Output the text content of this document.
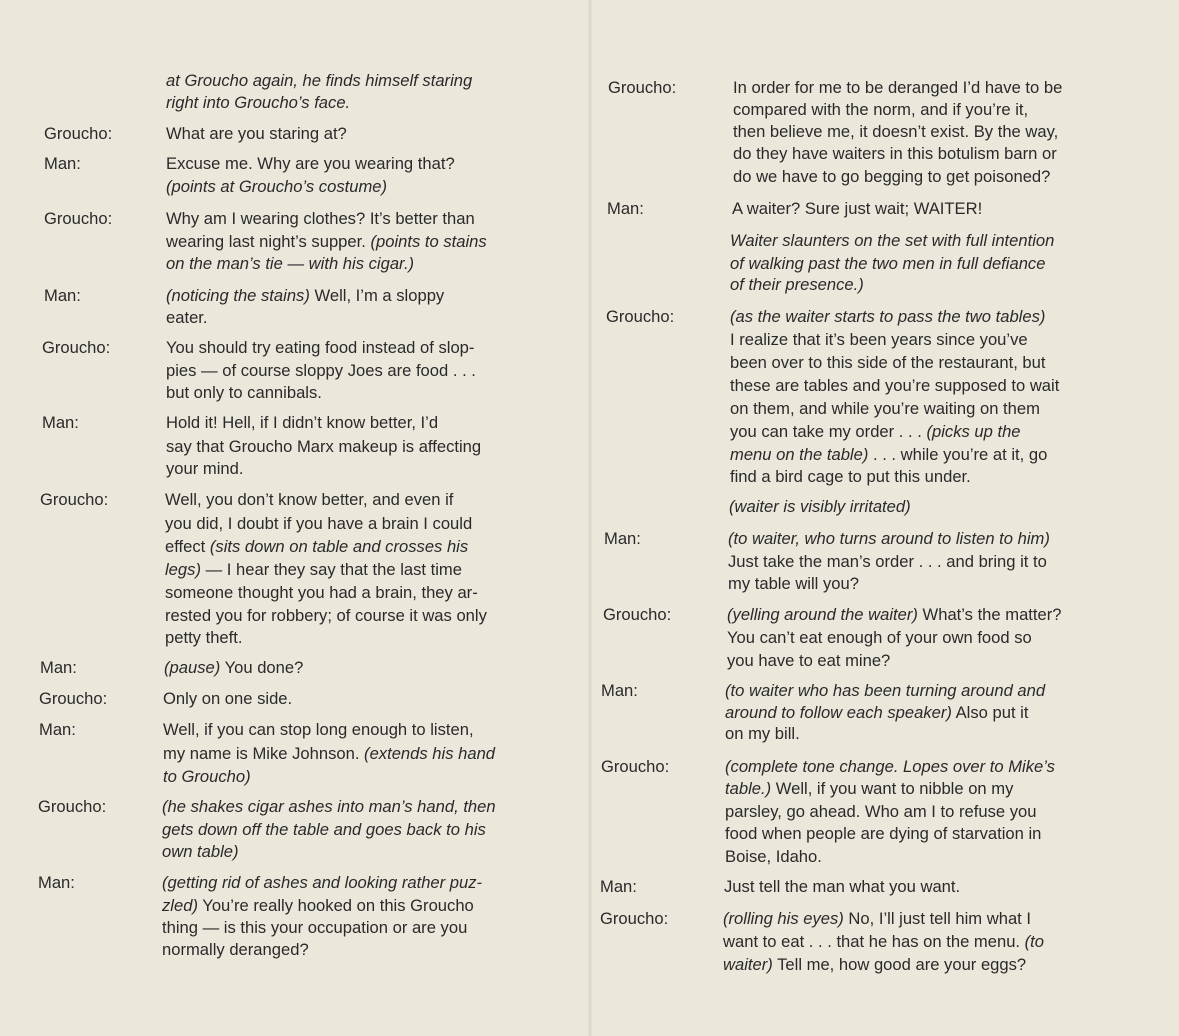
at Groucho again, he finds himself staring
right into Groucho’s face.
Groucho:	What are you staring at?
Man:	Excuse me. Why are you wearing that?
(points at Groucho’s costume)
Groucho:	Why am I wearing clothes? It’s better than
wearing last night’s supper. (points to stains
on the man’s tie — with his cigar.)
Man:	(noticing the stains) Well, I’m a sloppy
eater.
Groucho:	You should try eating food instead of slop-
pies — of course sloppy Joes are food . . .
but only to cannibals.
Man:	Hold it! Hell, if I didn’t know better, I’d
say that Groucho Marx makeup is affecting
your mind.
Groucho:	Well, you don’t know better, and even if
you did, I doubt if you have a brain I could
effect (sits down on table and crosses his
legs) — I hear they say that the last time
someone thought you had a brain, they ar-
rested you for robbery; of course it was only
petty theft.
Man:	(pause) You done?
Groucho:	Only on one side.
Man:	Well, if you can stop long enough to listen,
my name is Mike Johnson. (extends his hand
to Groucho)
Groucho:	(he shakes cigar ashes into man’s hand, then
gets down off the table and goes back to his
own table)
Man:	(getting rid of ashes and looking rather puz-
zled) You’re really hooked on this Groucho
thing — is this your occupation or are you
normally deranged?
Groucho:	In order for me to be deranged I’d have to be
compared with the norm, and if you’re it,
then believe me, it doesn’t exist. By the way,
do they have waiters in this botulism barn or
do we have to go begging to get poisoned?
Man:	A waiter? Sure just wait; WAITER!
Waiter slaunters on the set with full intention
of walking past the two men in full defiance
of their presence.)
Groucho:	(as the waiter starts to pass the two tables)
I realize that it’s been years since you’ve
been over to this side of the restaurant, but
these are tables and you’re supposed to wait
on them, and while you’re waiting on them
you can take my order . . . (picks up the
menu on the table) . . . while you’re at it, go
find a bird cage to put this under.
(waiter is visibly irritated)
Man:	(to waiter, who turns around to listen to him)
Just take the man’s order . . . and bring it to
my table will you?
Groucho:	(yelling around the waiter) What’s the matter?
You can’t eat enough of your own food so
you have to eat mine?
Man:	(to waiter who has been turning around and
around to follow each speaker) Also put it
on my bill.
Groucho:	(complete tone change. Lopes over to Mike’s
table.) Well, if you want to nibble on my
parsley, go ahead. Who am I to refuse you
food when people are dying of starvation in
Boise, Idaho.
Man:	Just tell the man what you want.
Groucho:	(rolling his eyes) No, I’ll just tell him what I
want to eat . . . that he has on the menu. (to
waiter) Tell me, how good are your eggs?
